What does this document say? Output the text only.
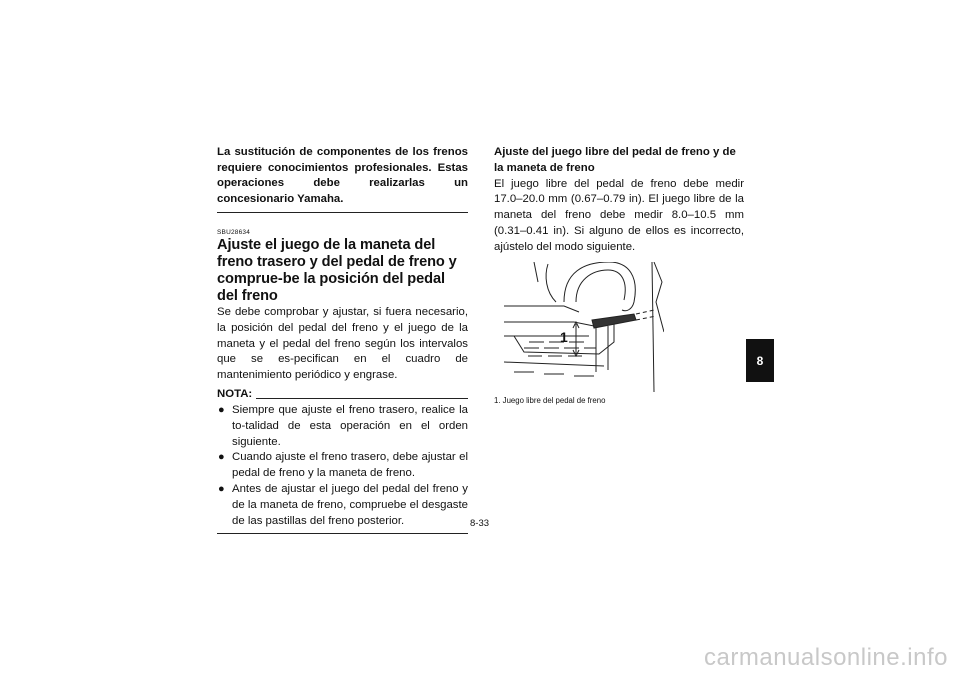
La sustitución de componentes de los frenos requiere conocimientos profesionales. Estas operaciones debe realizarlas un concesionario Yamaha.

SBU28634
Ajuste el juego de la maneta del freno trasero y del pedal de freno y comprue-be la posición del pedal del freno

Se debe comprobar y ajustar, si fuera necesario, la posición del pedal del freno y el juego de la maneta y el pedal del freno según los intervalos que se es-pecifican en el cuadro de mantenimiento periódico y engrase.

NOTA:
● Siempre que ajuste el freno trasero, realice la to-talidad de esta operación en el orden siguiente.
● Cuando ajuste el freno trasero, debe ajustar el pedal de freno y la maneta de freno.
● Antes de ajustar el juego del pedal del freno y de la maneta de freno, compruebe el desgaste de las pastillas del freno posterior.

Ajuste del juego libre del pedal de freno y de la maneta de freno

El juego libre del pedal de freno debe medir 17.0–20.0 mm (0.67–0.79 in). El juego libre de la maneta del freno debe medir 8.0–10.5 mm (0.31–0.41 in). Si alguno de ellos es incorrecto, ajústelo del modo siguiente.

1
1. Juego libre del pedal de freno
8
8-33
carmanualsonline.info
